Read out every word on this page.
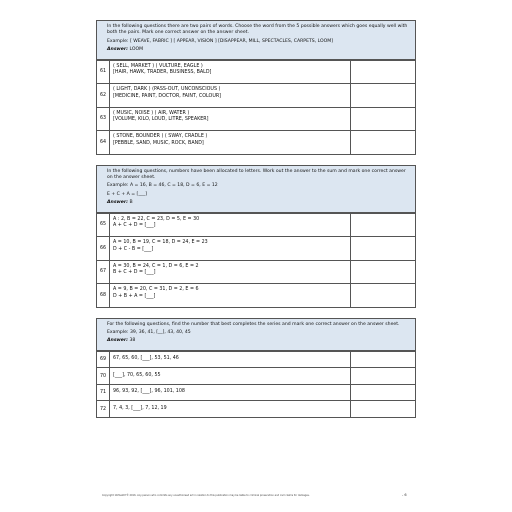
In the following questions there are two pairs of words. Choose the word from the 5 possible answers which goes equally well with both the pairs. Mark one correct answer on the answer sheet.

Example: [ WEAVE, FABRIC ] [ APPEAR, VISION ] [DISAPPEAR, MILL, SPECTACLES, CARPETS, LOOM]

Answer: LOOM

61
( SELL, MARKET ) ( VULTURE, EAGLE )
[HAIR, HAWK, TRADER, BUSINESS, BALD]
62
( LIGHT, DARK ) (PASS-OUT, UNCONSCIOUS )
[MEDICINE, PAINT, DOCTOR, FAINT, COLOUR]
63
( MUSIC, NOISE ) ( AIR, WATER )
[VOLUME, KILO, LOUD, LITRE, SPEAKER]
64
( STONE, BOUNDER ) ( SWAY, CRADLE )
[PEBBLE, SAND, MUSIC, ROCK, BAND]

In the following questions, numbers have been allocated to letters. Work out the answer to the sum and mark one correct answer on the answer sheet.

Example: A = 16, B = 46, C = 18, D = 6, E = 12

E + C + A = [___]

Answer: B

65
A : 2, B = 22, C = 23, D = 5, E = 30
A + C + D = [___]
66
A = 10, B = 19, C = 18, D = 24, E = 23
D + C - B = [___]
67
A = 30, B = 24, C = 1, D = 6, E = 2
B + C + D = [___]
68
A = 9, B = 20, C = 31, D = 2, E = 6
D + B + A = [___]

For the following questions, find the number that best completes the series and mark one correct answer on the answer sheet.

Example: 39, 36, 41, [__], 43, 40, 45

Answer: 38

69	67, 65, 60, [___], 53, 51, 46
70	[___], 70, 65, 60, 55
71	96, 93, 92, [___], 96, 101, 108
72	7, 4, 3, [___], 7, 12, 19
Copyright 11PlusDIY® 2016. Any person who commits any unauthorised act in relation to this publication may be liable to criminal prosecution and civil claims for damages.	- 6
